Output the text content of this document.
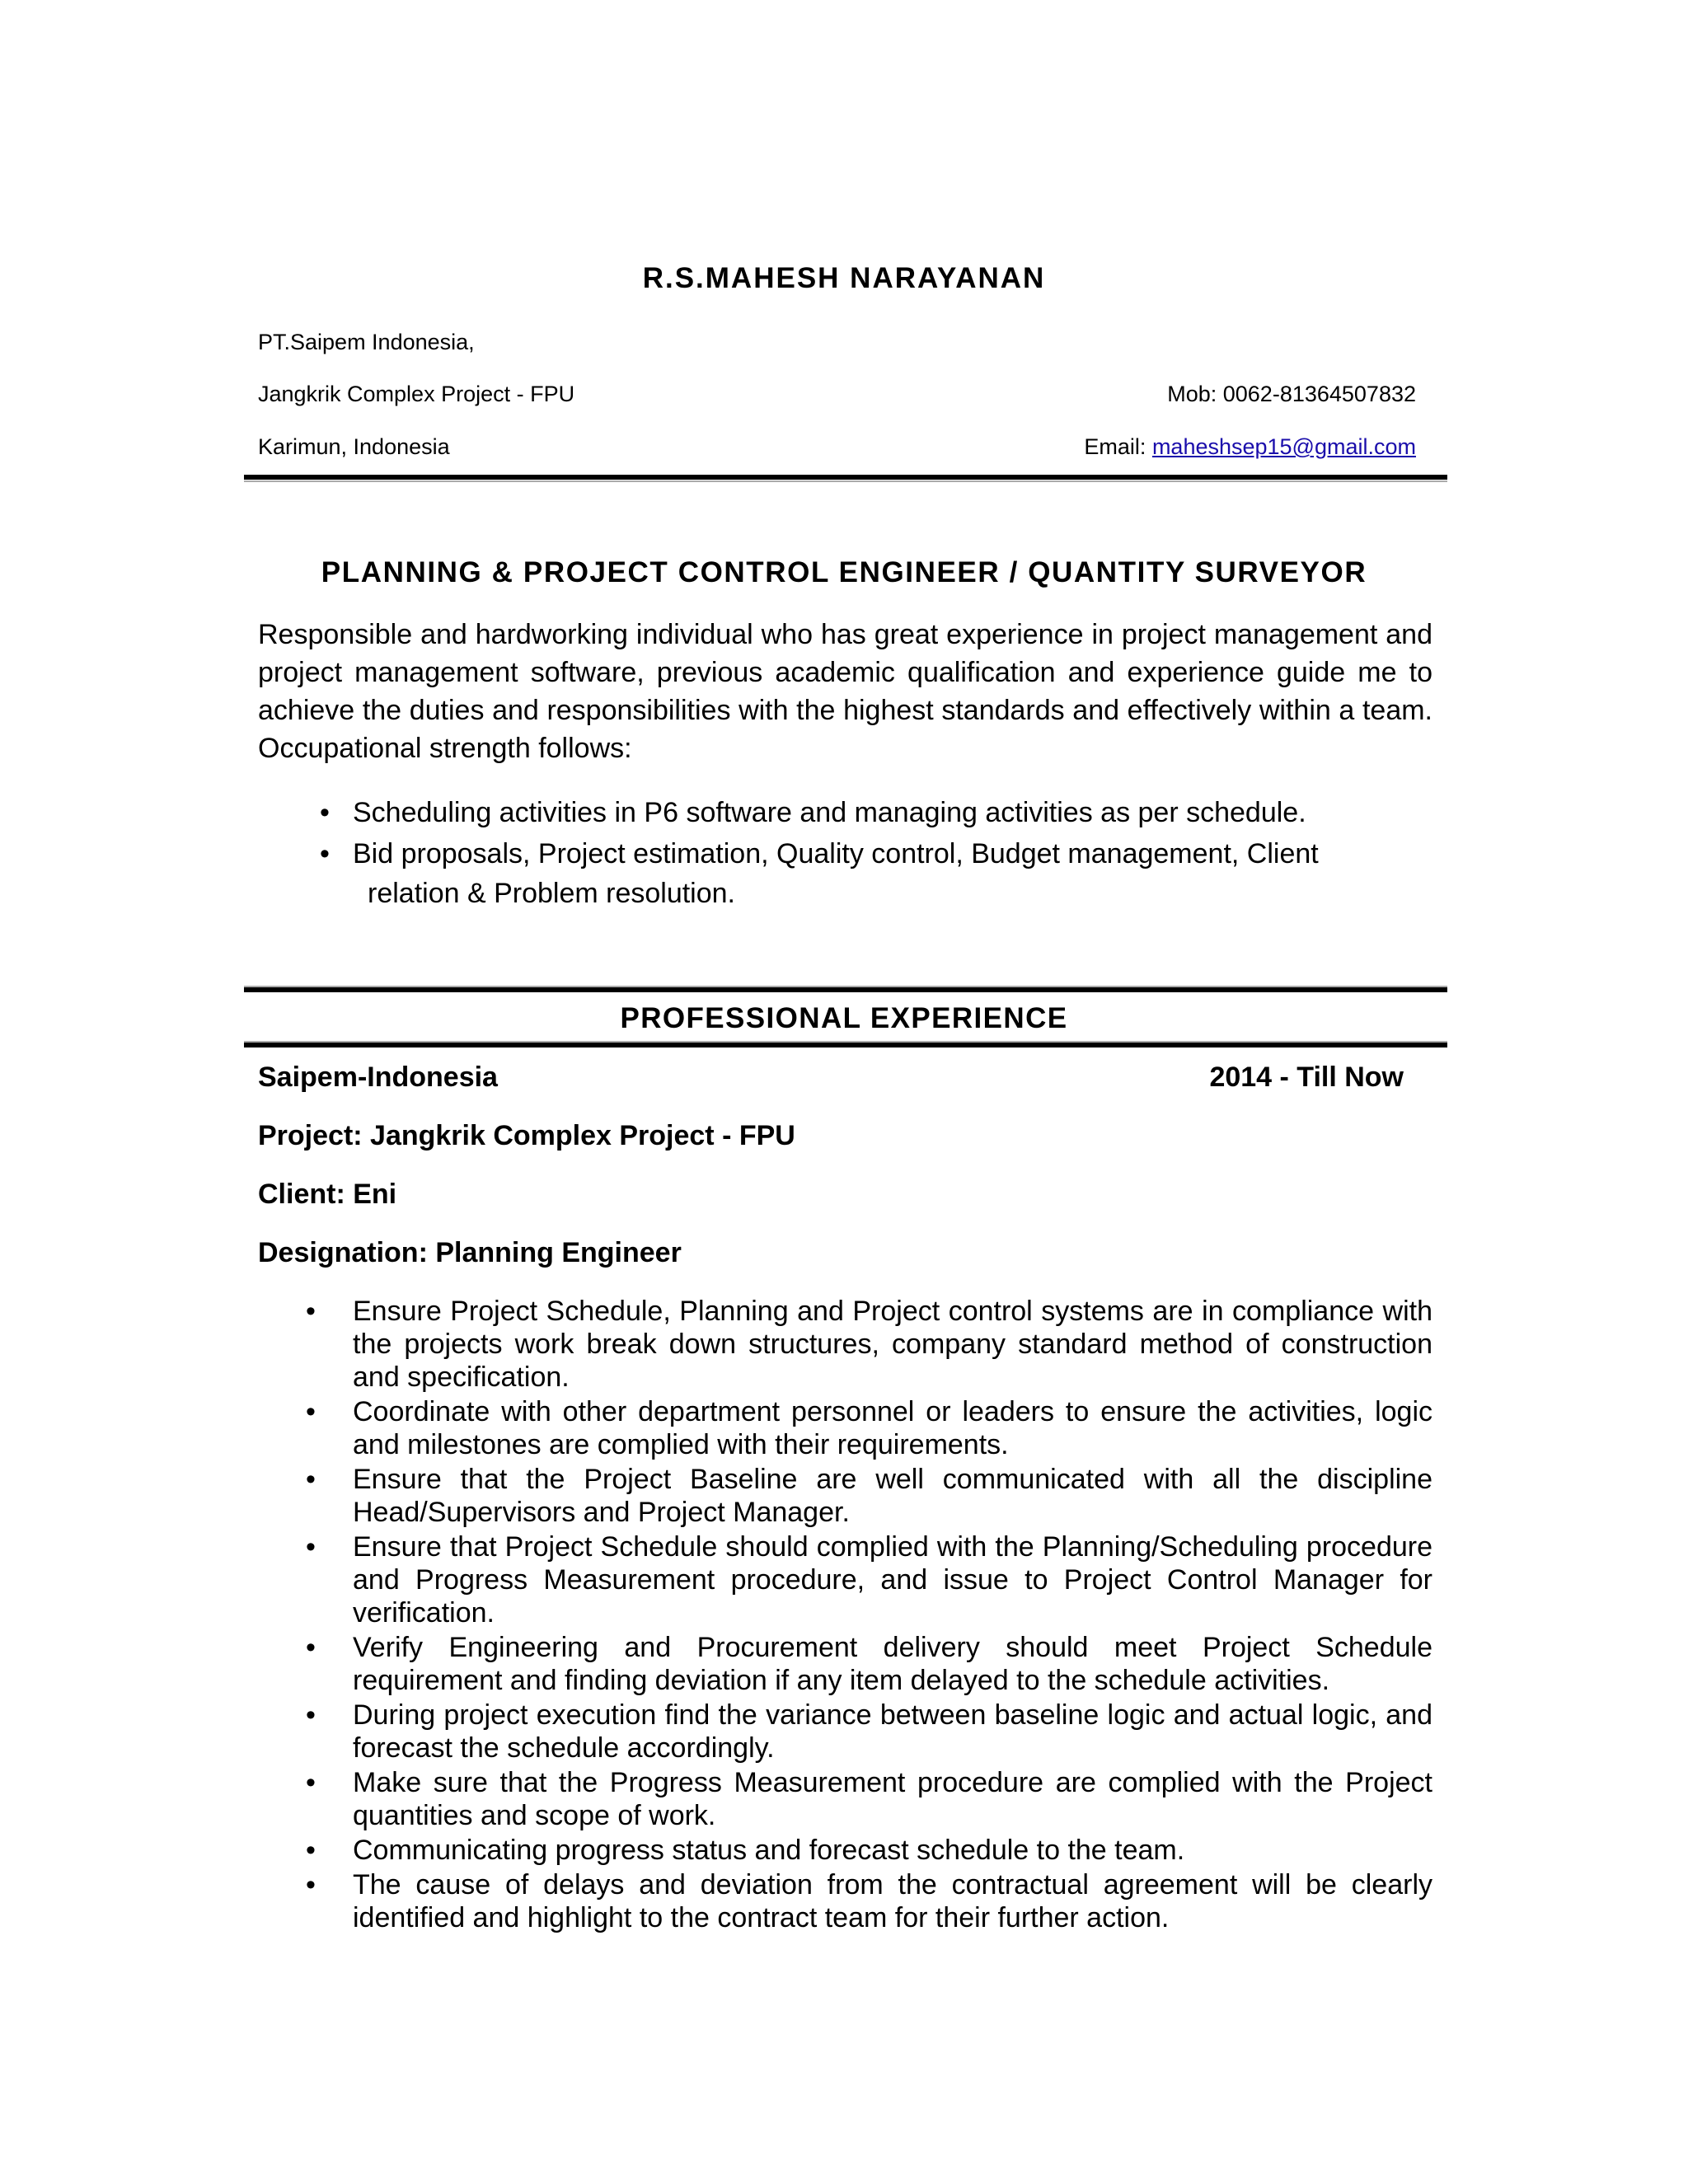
R.S.MAHESH NARAYANAN
PT.Saipem Indonesia,
Jangkrik Complex Project - FPU
Karimun, Indonesia
Mob: 0062-81364507832
Email: maheshsep15@gmail.com
PLANNING & PROJECT CONTROL ENGINEER / QUANTITY SURVEYOR
Responsible and hardworking individual who has great experience in project management and project management software, previous academic qualification and experience guide me to achieve the duties and responsibilities with the highest standards and effectively within a team. Occupational strength follows:
• Scheduling activities in P6 software and managing activities as per schedule.
• Bid proposals, Project estimation, Quality control, Budget management, Client
relation & Problem resolution.
PROFESSIONAL EXPERIENCE
Saipem-Indonesia	2014 - Till Now
Project: Jangkrik Complex Project - FPU
Client: Eni
Designation: Planning Engineer
• Ensure Project Schedule, Planning and Project control systems are in compliance with the projects work break down structures, company standard method of construction and specification.
• Coordinate with other department personnel or leaders to ensure the activities, logic and milestones are complied with their requirements.
• Ensure that the Project Baseline are well communicated with all the discipline Head/Supervisors and Project Manager.
• Ensure that Project Schedule should complied with the Planning/Scheduling procedure and Progress Measurement procedure, and issue to Project Control Manager for verification.
• Verify Engineering and Procurement delivery should meet Project Schedule requirement and finding deviation if any item delayed to the schedule activities.
• During project execution find the variance between baseline logic and actual logic, and forecast the schedule accordingly.
• Make sure that the Progress Measurement procedure are complied with the Project quantities and scope of work.
• Communicating progress status and forecast schedule to the team.
• The cause of delays and deviation from the contractual agreement will be clearly identified and highlight to the contract team for their further action.
